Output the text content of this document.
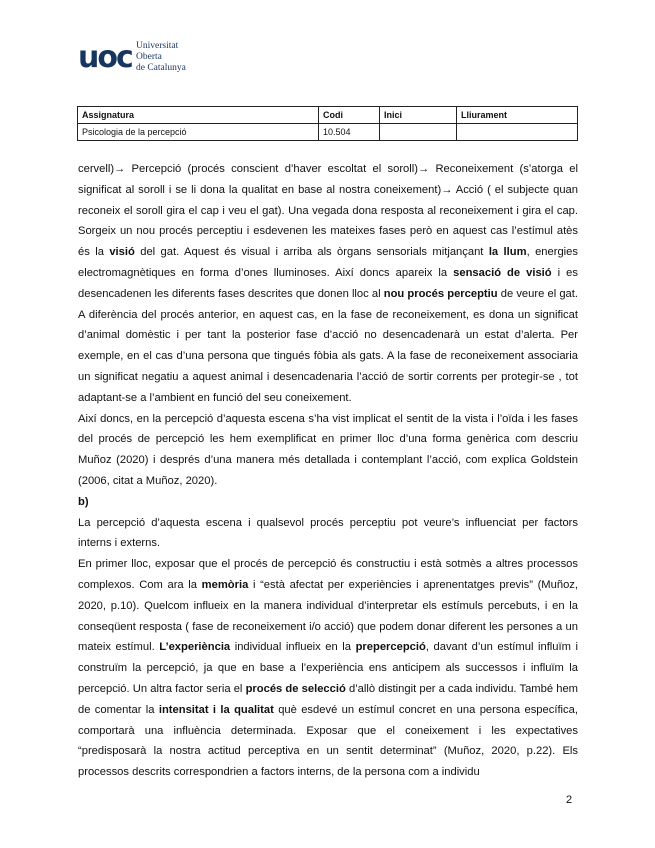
uoc Universitat
Oberta
de Catalunya
Assignatura	Codi	Inici	Lliurament
Psicologia de la percepció	10.504		

cervell)→ Percepció (procés conscient d’haver escoltat el soroll)→ Reconeixement (s’atorga el significat al soroll i se li dona la qualitat en base al nostra coneixement)→ Acció ( el subjecte quan reconeix el soroll gira el cap i veu el gat). Una vegada dona resposta al reconeixement i gira el cap. Sorgeix un nou procés perceptiu i esdevenen les mateixes fases però en aquest cas l’estímul atès és la visió del gat. Aquest és visual i arriba als òrgans sensorials mitjançant la llum, energies electromagnètiques en forma d’ones lluminoses. Així doncs apareix la sensació de visió i es desencadenen les diferents fases descrites que donen lloc al nou procés perceptiu de veure el gat. A diferència del procés anterior, en aquest cas, en la fase de reconeixement, es dona un significat d’animal domèstic i per tant la posterior fase d’acció no desencadenarà un estat d’alerta. Per exemple, en el cas d’una persona que tingués fòbia als gats. A la fase de reconeixement associaria un significat negatiu a aquest animal i desencadenaria l’acció de sortir corrents per protegir-se , tot adaptant-se a l’ambient en funció del seu coneixement.

Així doncs, en la percepció d’aquesta escena s’ha vist implicat el sentit de la vista i l’oïda i les fases del procés de percepció les hem exemplificat en primer lloc d’una forma genèrica com descriu Muñoz (2020) i després d’una manera més detallada i contemplant l’acció, com explica Goldstein (2006, citat a Muñoz, 2020).

b)

La percepció d’aquesta escena i qualsevol procés perceptiu pot veure’s influenciat per factors interns i externs.

En primer lloc, exposar que el procés de percepció és constructiu i està sotmès a altres processos complexos. Com ara la memòria i “està afectat per experiències i aprenentatges previs” (Muñoz, 2020, p.10). Quelcom influeix en la manera individual d’interpretar els estímuls percebuts, i en la conseqüent resposta ( fase de reconeixement i/o acció) que podem donar diferent les persones a un mateix estímul. L’experiència individual influeix en la prepercepció, davant d’un estímul influïm i construïm la percepció, ja que en base a l’experiència ens anticipem als successos i influïm la percepció. Un altra factor seria el procés de selecció d’allò distingit per a cada individu. També hem de comentar la intensitat i la qualitat què esdevé un estímul concret en una persona específica, comportarà una influència determinada. Exposar que el coneixement i les expectatives “predisposarà la nostra actitud perceptiva en un sentit determinat” (Muñoz, 2020, p.22). Els processos descrits correspondrien a factors interns, de la persona com a individu

2
